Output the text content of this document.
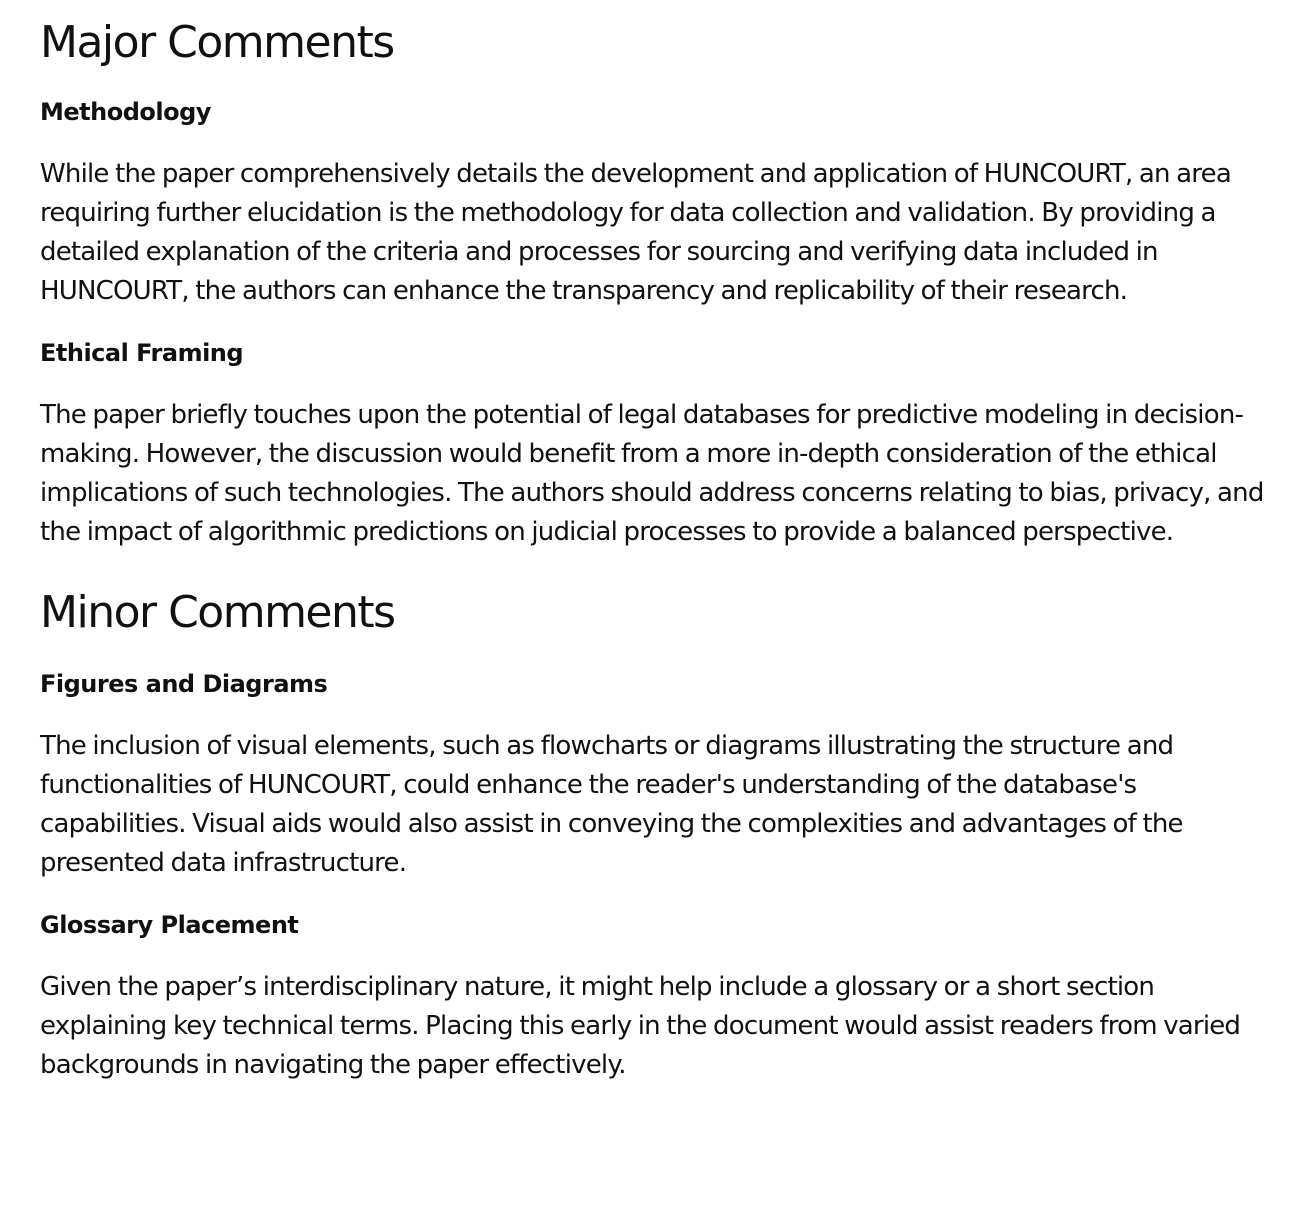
Major Comments
Methodology

While the paper comprehensively details the development and application of HUNCOURT, an area requiring further elucidation is the methodology for data collection and validation. By providing a detailed explanation of the criteria and processes for sourcing and verifying data included in HUNCOURT, the authors can enhance the transparency and replicability of their research.

Ethical Framing

The paper briefly touches upon the potential of legal databases for predictive modeling in decision-making. However, the discussion would benefit from a more in-depth consideration of the ethical implications of such technologies. The authors should address concerns relating to bias, privacy, and the impact of algorithmic predictions on judicial processes to provide a balanced perspective.

Minor Comments
Figures and Diagrams

The inclusion of visual elements, such as flowcharts or diagrams illustrating the structure and functionalities of HUNCOURT, could enhance the reader's understanding of the database's capabilities. Visual aids would also assist in conveying the complexities and advantages of the presented data infrastructure.

Glossary Placement

Given the paper’s interdisciplinary nature, it might help include a glossary or a short section explaining key technical terms. Placing this early in the document would assist readers from varied backgrounds in navigating the paper effectively.
